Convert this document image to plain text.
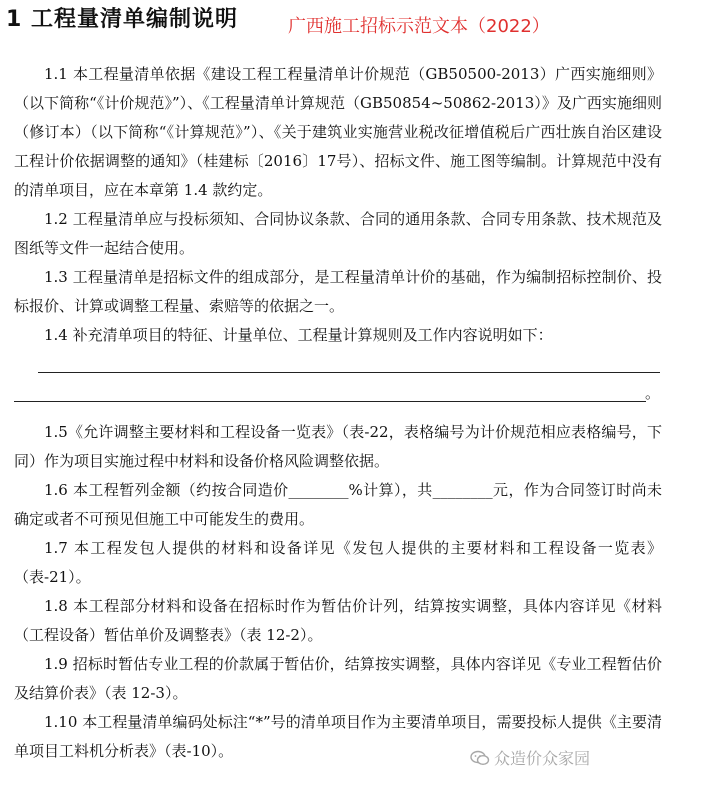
1 工程量清单编制说明	广西施工招标示范文本（2022）

1.1 本工程量清单依据《建设工程工程量清单计价规范（GB50500-2013）广西实施细则》（以下简称“《计价规范》”）、《工程量清单计算规范（GB50854~50862-2013）》及广西实施细则（修订本）（以下简称“《计算规范》”）、《关于建筑业实施营业税改征增值税后广西壮族自治区建设工程计价依据调整的通知》（桂建标〔2016〕17号）、招标文件、施工图等编制。计算规范中没有的清单项目，应在本章第 1.4 款约定。

1.2 工程量清单应与投标须知、合同协议条款、合同的通用条款、合同专用条款、技术规范及图纸等文件一起结合使用。

1.3 工程量清单是招标文件的组成部分，是工程量清单计价的基础，作为编制招标控制价、投标报价、计算或调整工程量、索赔等的依据之一。

1.4 补充清单项目的特征、计量单位、工程量计算规则及工作内容说明如下：

。

1.5《允许调整主要材料和工程设备一览表》（表-22，表格编号为计价规范相应表格编号，下同）作为项目实施过程中材料和设备价格风险调整依据。

1.6 本工程暂列金额（约按合同造价________%计算），共________元，作为合同签订时尚未确定或者不可预见但施工中可能发生的费用。

1.7 本工程发包人提供的材料和设备详见《发包人提供的主要材料和工程设备一览表》（表-21）。

1.8 本工程部分材料和设备在招标时作为暂估价计列，结算按实调整，具体内容详见《材料（工程设备）暂估单价及调整表》（表 12-2）。

1.9 招标时暂估专业工程的价款属于暂估价，结算按实调整，具体内容详见《专业工程暂估价及结算价表》（表 12-3）。

1.10 本工程量清单编码处标注“*”号的清单项目作为主要清单项目，需要投标人提供《主要清单项目工料机分析表》（表-10）。	众造价众家园
